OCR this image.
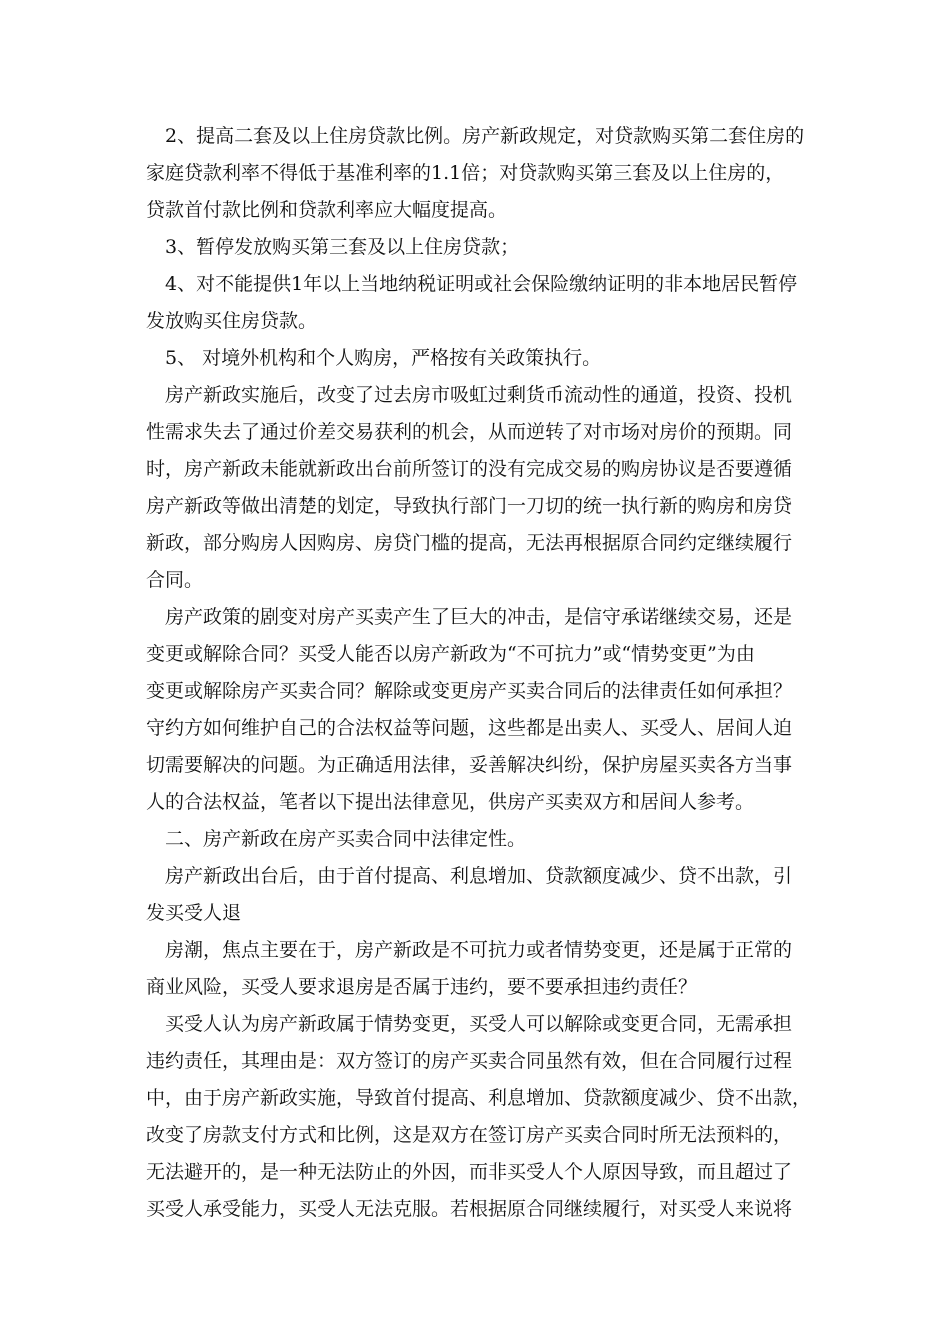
2、提高二套及以上住房贷款比例。房产新政规定，对贷款购买第二套住房的
家庭贷款利率不得低于基准利率的1.1倍；对贷款购买第三套及以上住房的，
贷款首付款比例和贷款利率应大幅度提高。
3、暂停发放购买第三套及以上住房贷款；
4、对不能提供1年以上当地纳税证明或社会保险缴纳证明的非本地居民暂停
发放购买住房贷款。
5、 对境外机构和个人购房，严格按有关政策执行。
房产新政实施后，改变了过去房市吸虹过剩货币流动性的通道，投资、投机
性需求失去了通过价差交易获利的机会，从而逆转了对市场对房价的预期。同
时，房产新政未能就新政出台前所签订的没有完成交易的购房协议是否要遵循
房产新政等做出清楚的划定，导致执行部门一刀切的统一执行新的购房和房贷
新政，部分购房人因购房、房贷门槛的提高，无法再根据原合同约定继续履行
合同。
房产政策的剧变对房产买卖产生了巨大的冲击，是信守承诺继续交易，还是
变更或解除合同？买受人能否以房产新政为“不可抗力”或“情势变更”为由
变更或解除房产买卖合同？解除或变更房产买卖合同后的法律责任如何承担？
守约方如何维护自己的合法权益等问题，这些都是出卖人、买受人、居间人迫
切需要解决的问题。为正确适用法律，妥善解决纠纷，保护房屋买卖各方当事
人的合法权益，笔者以下提出法律意见，供房产买卖双方和居间人参考。
二、房产新政在房产买卖合同中法律定性。
房产新政出台后，由于首付提高、利息增加、贷款额度减少、贷不出款，引
发买受人退
房潮，焦点主要在于，房产新政是不可抗力或者情势变更，还是属于正常的
商业风险，买受人要求退房是否属于违约，要不要承担违约责任？
买受人认为房产新政属于情势变更，买受人可以解除或变更合同，无需承担
违约责任，其理由是：双方签订的房产买卖合同虽然有效，但在合同履行过程
中，由于房产新政实施，导致首付提高、利息增加、贷款额度减少、贷不出款，
改变了房款支付方式和比例，这是双方在签订房产买卖合同时所无法预料的，
无法避开的，是一种无法防止的外因，而非买受人个人原因导致，而且超过了
买受人承受能力，买受人无法克服。若根据原合同继续履行，对买受人来说将
